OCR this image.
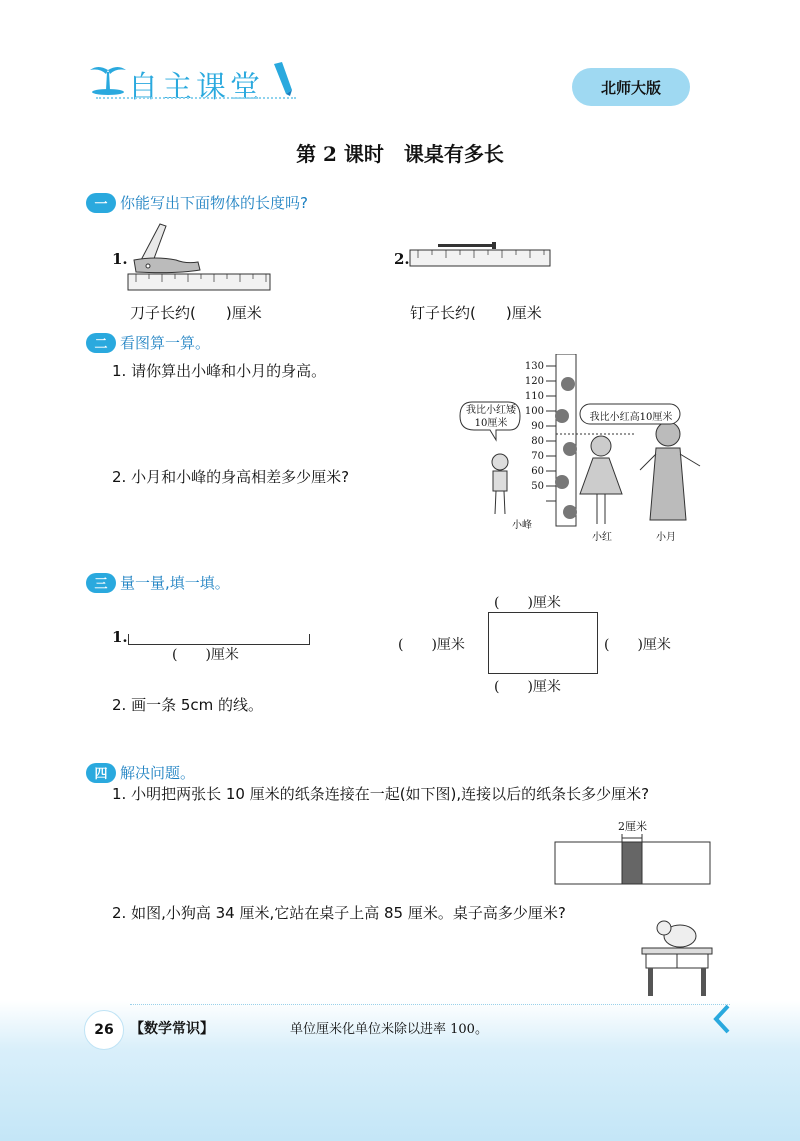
自主课堂	北师大版
第 2 课时　课桌有多长
一 你能写出下面物体的长度吗?
1.
刀子长约(　　)厘米
2.
钉子长约(　　)厘米
二 看图算一算。
1. 请你算出小峰和小月的身高。
2. 小月和小峰的身高相差多少厘米?
130
120
110
100
90
80
70
60
50
我比小红矮10厘米
我比小红高10厘米
小峰
小红	小月
三 量一量,填一填。
1.
(　　)厘米
(　　)厘米
(　　)厘米	(　　)厘米
(　　)厘米
2. 画一条 5cm 的线。
四 解决问题。
1. 小明把两张长 10 厘米的纸条连接在一起(如下图),连接以后的纸条长多少厘米?
2厘米
2. 如图,小狗高 34 厘米,它站在桌子上高 85 厘米。桌子高多少厘米?
26	【数学常识】	单位厘米化单位米除以进率 100。
